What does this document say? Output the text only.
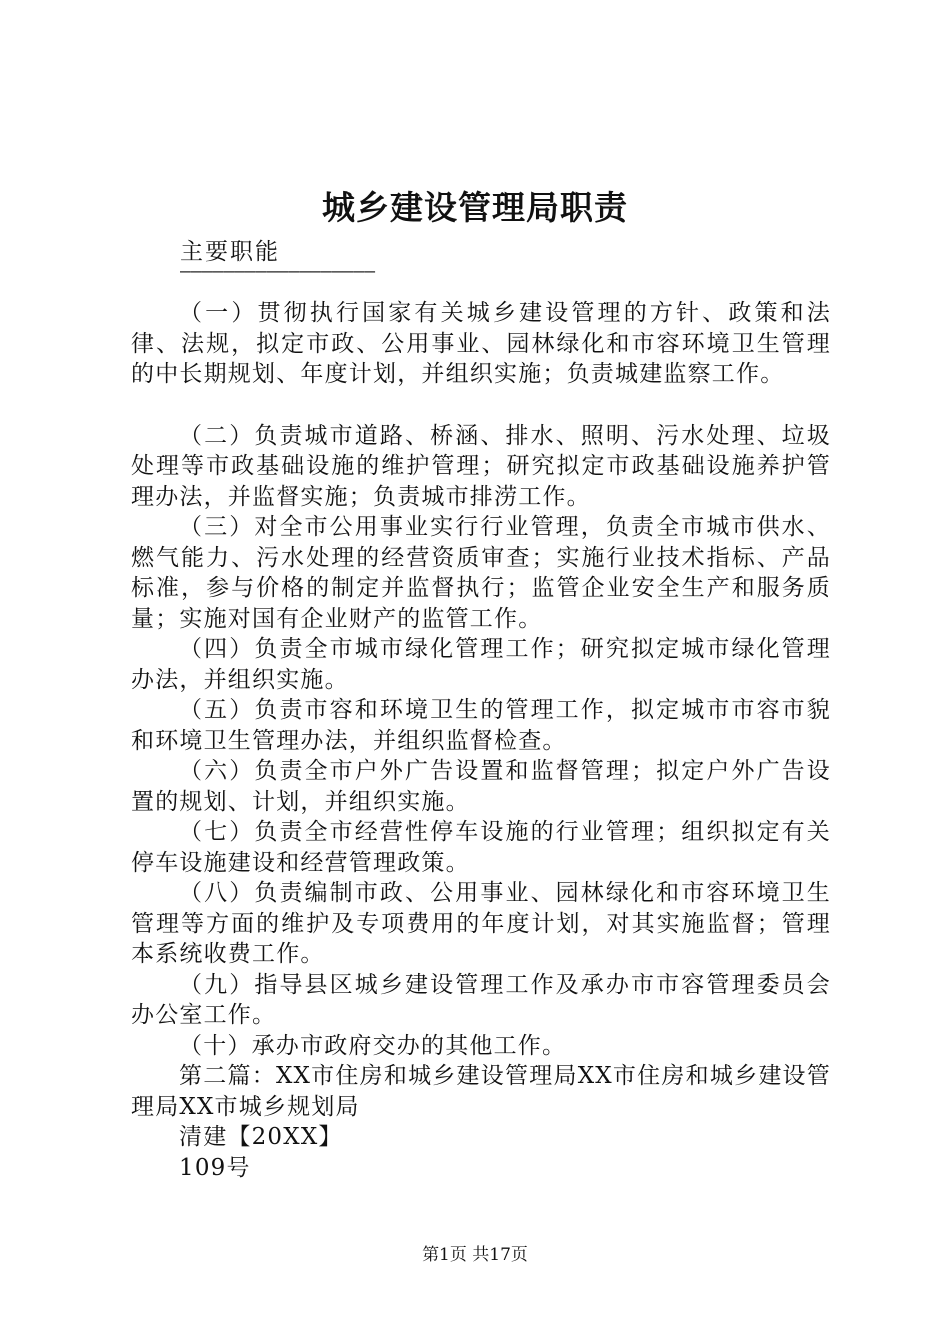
城乡建设管理局职责
主要职能
——————————————————

（一）贯彻执行国家有关城乡建设管理的方针、政策和法律、法规，拟定市政、公用事业、园林绿化和市容环境卫生管理的中长期规划、年度计划，并组织实施；负责城建监察工作。

（二）负责城市道路、桥涵、排水、照明、污水处理、垃圾处理等市政基础设施的维护管理；研究拟定市政基础设施养护管理办法，并监督实施；负责城市排涝工作。

（三）对全市公用事业实行行业管理，负责全市城市供水、燃气能力、污水处理的经营资质审查；实施行业技术指标、产品标准，参与价格的制定并监督执行；监管企业安全生产和服务质量；实施对国有企业财产的监管工作。

（四）负责全市城市绿化管理工作；研究拟定城市绿化管理办法，并组织实施。

（五）负责市容和环境卫生的管理工作，拟定城市市容市貌和环境卫生管理办法，并组织监督检查。

（六）负责全市户外广告设置和监督管理；拟定户外广告设置的规划、计划，并组织实施。

（七）负责全市经营性停车设施的行业管理；组织拟定有关停车设施建设和经营管理政策。

（八）负责编制市政、公用事业、园林绿化和市容环境卫生管理等方面的维护及专项费用的年度计划，对其实施监督；管理本系统收费工作。

（九）指导县区城乡建设管理工作及承办市市容管理委员会办公室工作。

（十）承办市政府交办的其他工作。

第二篇：XX市住房和城乡建设管理局XX市住房和城乡建设管理局XX市城乡规划局

清建【20XX】

109号

第1页 共17页
